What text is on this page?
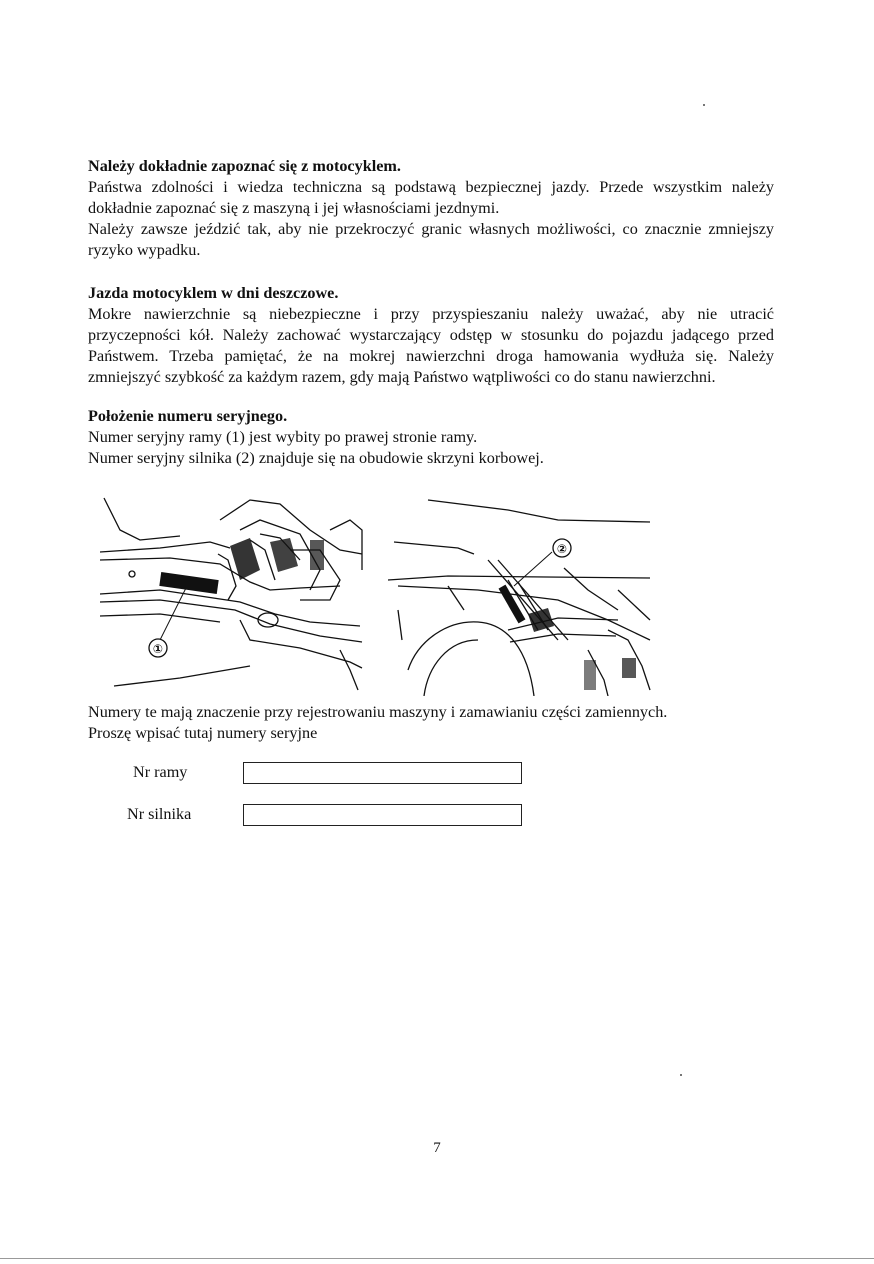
Należy dokładnie zapoznać się z motocyklem.

Państwa zdolności i wiedza techniczna są podstawą bezpiecznej jazdy. Przede wszystkim należy dokładnie zapoznać się z maszyną i jej własnościami jezdnymi.

Należy zawsze jeździć tak, aby nie przekroczyć granic własnych możliwości, co znacznie zmniejszy ryzyko wypadku.

Jazda motocyklem w dni deszczowe.

Mokre nawierzchnie są niebezpieczne i przy przyspieszaniu należy uważać, aby nie utracić przyczepności kół. Należy zachować wystarczający odstęp w stosunku do pojazdu jadącego przed Państwem. Trzeba pamiętać, że na mokrej nawierzchni droga hamowania wydłuża się. Należy zmniejszyć szybkość za każdym razem, gdy mają Państwo wątpliwości co do stanu nawierzchni.

Położenie numeru seryjnego.

Numer seryjny ramy (1) jest wybity po prawej stronie ramy.

Numer seryjny silnika (2) znajduje się na obudowie skrzyni korbowej.

①
②

Numery te mają znaczenie przy rejestrowaniu maszyny i zamawianiu części zamiennych.

Proszę wpisać tutaj numery seryjne

Nr ramy
Nr silnika
7
